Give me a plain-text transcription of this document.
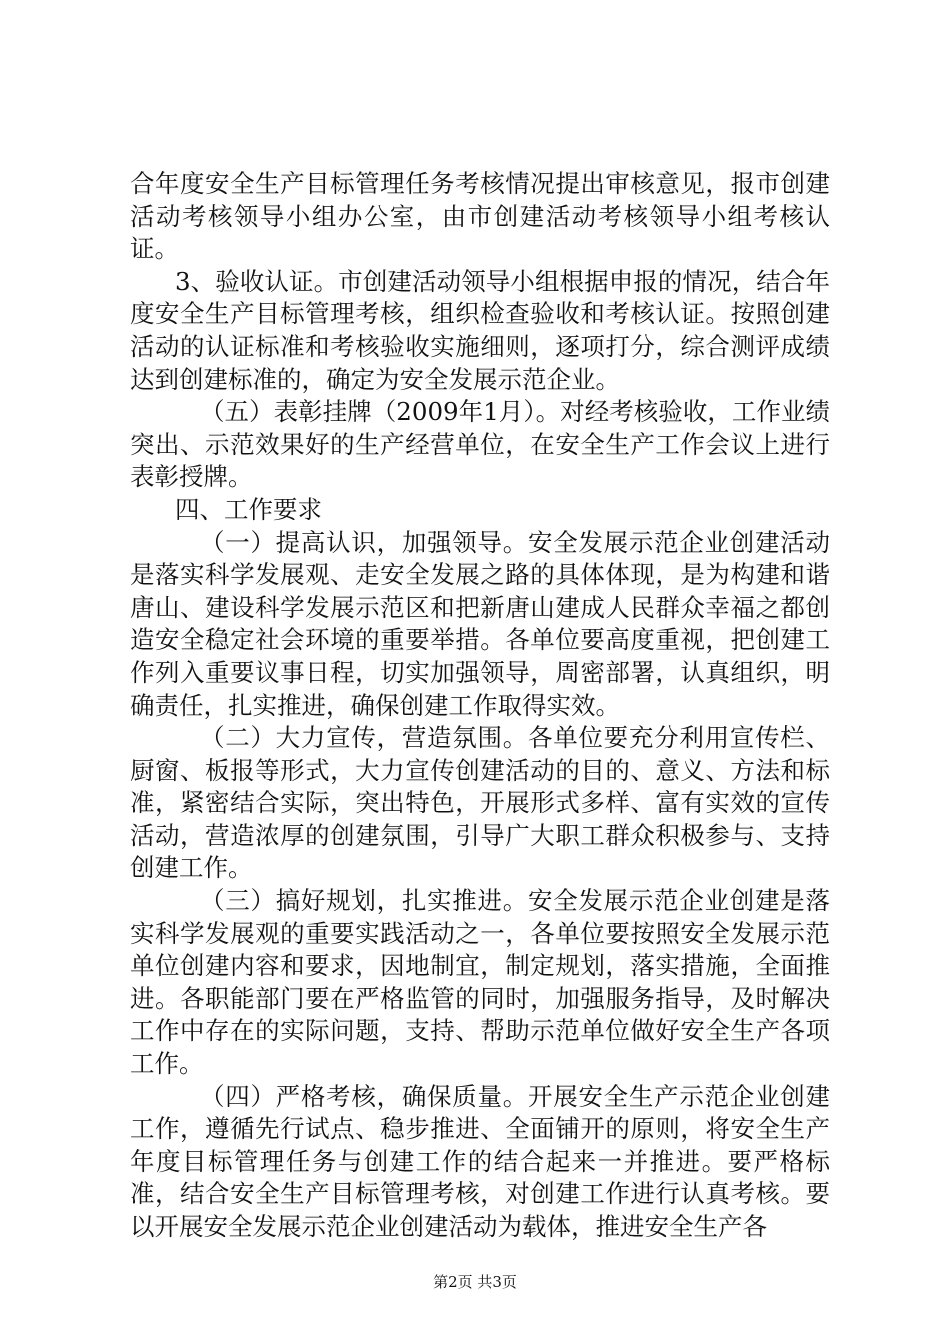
合年度安全生产目标管理任务考核情况提出审核意见，报市创建活动考核领导小组办公室，由市创建活动考核领导小组考核认证。

3、验收认证。市创建活动领导小组根据申报的情况，结合年度安全生产目标管理考核，组织检查验收和考核认证。按照创建活动的认证标准和考核验收实施细则，逐项打分，综合测评成绩达到创建标准的，确定为安全发展示范企业。

（五）表彰挂牌（2009年1月）。对经考核验收，工作业绩突出、示范效果好的生产经营单位，在安全生产工作会议上进行表彰授牌。

四、工作要求

（一）提高认识，加强领导。安全发展示范企业创建活动是落实科学发展观、走安全发展之路的具体体现，是为构建和谐唐山、建设科学发展示范区和把新唐山建成人民群众幸福之都创造安全稳定社会环境的重要举措。各单位要高度重视，把创建工作列入重要议事日程，切实加强领导，周密部署，认真组织，明确责任，扎实推进，确保创建工作取得实效。

（二）大力宣传，营造氛围。各单位要充分利用宣传栏、厨窗、板报等形式，大力宣传创建活动的目的、意义、方法和标准，紧密结合实际，突出特色，开展形式多样、富有实效的宣传活动，营造浓厚的创建氛围，引导广大职工群众积极参与、支持创建工作。

（三）搞好规划，扎实推进。安全发展示范企业创建是落实科学发展观的重要实践活动之一，各单位要按照安全发展示范单位创建内容和要求，因地制宜，制定规划，落实措施，全面推进。各职能部门要在严格监管的同时，加强服务指导，及时解决工作中存在的实际问题，支持、帮助示范单位做好安全生产各项工作。

（四）严格考核，确保质量。开展安全生产示范企业创建工作，遵循先行试点、稳步推进、全面铺开的原则，将安全生产年度目标管理任务与创建工作的结合起来一并推进。要严格标准，结合安全生产目标管理考核，对创建工作进行认真考核。要以开展安全发展示范企业创建活动为载体，推进安全生产各

第2页 共3页
